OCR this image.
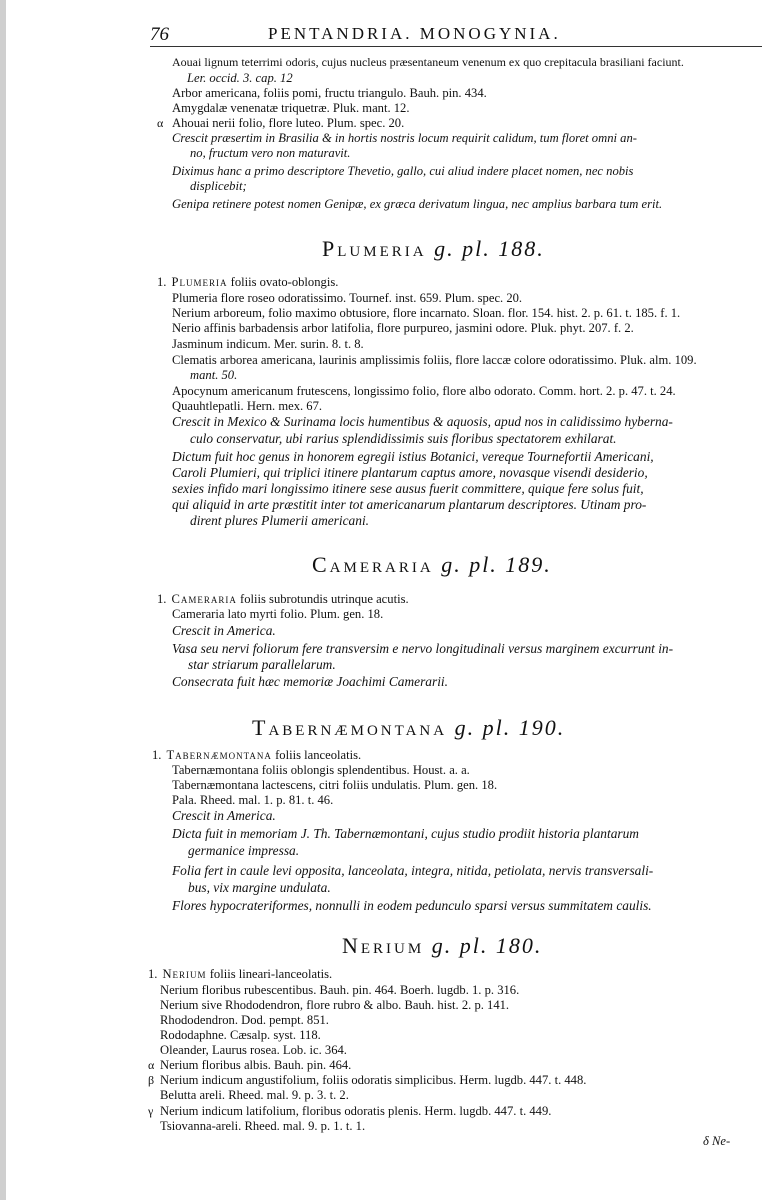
76	PENTANDRIA. MONOGYNIA.
Aouai lignum teterrimi odoris, cujus nucleus præsentaneum venenum ex quo crepitacula brasiliani faciunt.
Ler. occid. 3. cap. 12
Arbor americana, foliis pomi, fructu triangulo. Bauh. pin. 434.
Amygdalæ venenatæ triquetræ. Pluk. mant. 12.
α Ahouai nerii folio, flore luteo. Plum. spec. 20.
Crescit præsertim in Brasilia & in hortis nostris locum requirit calidum, tum floret omni an-
no, fructum vero non maturavit.
Diximus hanc a primo descriptore Thevetio, gallo, cui aliud indere placet nomen, nec nobis
displicebit;
Genipa retinere potest nomen Genipæ, ex græca derivatum lingua, nec amplius barbara tum erit.
Plumeria g. pl. 188.
1. Plumeria foliis ovato-oblongis.
Plumeria flore roseo odoratissimo. Tournef. inst. 659. Plum. spec. 20.
Nerium arboreum, folio maximo obtusiore, flore incarnato. Sloan. flor. 154. hist. 2. p. 61. t. 185. f. 1.
Nerio affinis barbadensis arbor latifolia, flore purpureo, jasmini odore. Pluk. phyt. 207. f. 2.
Jasminum indicum. Mer. surin. 8. t. 8.
Clematis arborea americana, laurinis amplissimis foliis, flore laccæ colore odoratissimo. Pluk. alm. 109.
mant. 50.
Apocynum americanum frutescens, longissimo folio, flore albo odorato. Comm. hort. 2. p. 47. t. 24.
Quauhtlepatli. Hern. mex. 67.
Crescit in Mexico & Surinama locis humentibus & aquosis, apud nos in calidissimo hyberna-
culo conservatur, ubi rarius splendidissimis suis floribus spectatorem exhilarat.
Dictum fuit hoc genus in honorem egregii istius Botanici, vereque Tournefortii Americani,
Caroli Plumieri, qui triplici itinere plantarum captus amore, novasque visendi desiderio,
sexies infido mari longissimo itinere sese ausus fuerit committere, quique fere solus fuit,
qui aliquid in arte præstitit inter tot americanarum plantarum descriptores. Utinam pro-
dirent plures Plumerii americani.
Cameraria g. pl. 189.
1. Cameraria foliis subrotundis utrinque acutis.
Cameraria lato myrti folio. Plum. gen. 18.
Crescit in America.
Vasa seu nervi foliorum fere transversim e nervo longitudinali versus marginem excurrunt in-
star striarum parallelarum.
Consecrata fuit hæc memoriæ Joachimi Camerarii.
Tabernæmontana g. pl. 190.
1. Tabernæmontana foliis lanceolatis.
Tabernæmontana foliis oblongis splendentibus. Houst. a. a.
Tabernæmontana lactescens, citri foliis undulatis. Plum. gen. 18.
Pala. Rheed. mal. 1. p. 81. t. 46.
Crescit in America.
Dicta fuit in memoriam J. Th. Tabernæmontani, cujus studio prodiit historia plantarum
germanice impressa.
Folia fert in caule levi opposita, lanceolata, integra, nitida, petiolata, nervis transversali-
bus, vix margine undulata.
Flores hypocrateriformes, nonnulli in eodem pedunculo sparsi versus summitatem caulis.
Nerium g. pl. 180.
1. Nerium foliis lineari-lanceolatis.
Nerium floribus rubescentibus. Bauh. pin. 464. Boerh. lugdb. 1. p. 316.
Nerium sive Rhododendron, flore rubro & albo. Bauh. hist. 2. p. 141.
Rhododendron. Dod. pempt. 851.
Rododaphne. Cæsalp. syst. 118.
Oleander, Laurus rosea. Lob. ic. 364.
α Nerium floribus albis. Bauh. pin. 464.
β Nerium indicum angustifolium, foliis odoratis simplicibus. Herm. lugdb. 447. t. 448.
Belutta areli. Rheed. mal. 9. p. 3. t. 2.
γ Nerium indicum latifolium, floribus odoratis plenis. Herm. lugdb. 447. t. 449.
Tsiovanna-areli. Rheed. mal. 9. p. 1. t. 1.
δ Ne-
